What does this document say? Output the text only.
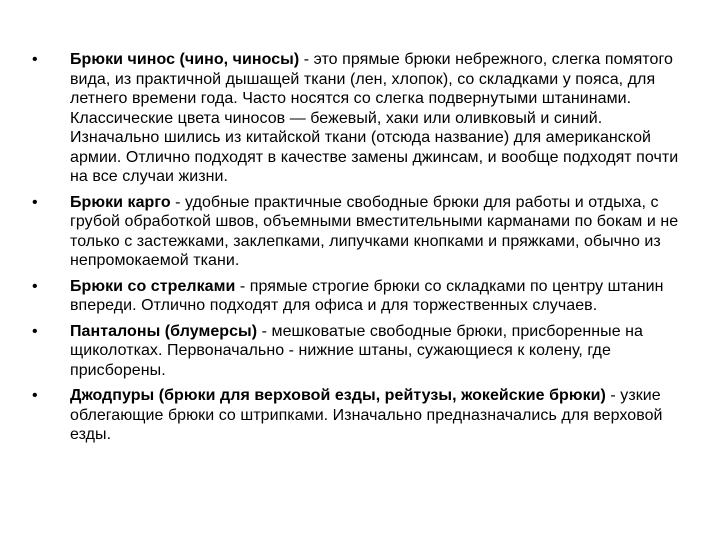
•	Брюки чинос (чино, чиносы) - это прямые брюки небрежного, слегка помятого вида, из практичной дышащей ткани (лен, хлопок), со складками у пояса, для летнего времени года. Часто носятся со слегка подвернутыми штанинами. Классические цвета чиносов — бежевый, хаки или оливковый и синий. Изначально шились из китайской ткани (отсюда название) для американской армии. Отлично подходят в качестве замены джинсам, и вообще подходят почти на все случаи жизни.
•	Брюки карго - удобные практичные свободные брюки для работы и отдыха, с грубой обработкой швов, объемными вместительными карманами по бокам и не только с застежками, заклепками, липучками кнопками и пряжками, обычно из непромокаемой ткани.
•	Брюки со стрелками - прямые строгие брюки со складками по центру штанин впереди. Отлично подходят для офиса и для торжественных случаев.
•	Панталоны (блумерсы) - мешковатые свободные брюки, присборенные на щиколотках. Первоначально - нижние штаны, сужающиеся к колену, где присборены.
•	Джодпуры (брюки для верховой езды, рейтузы, жокейские брюки) - узкие облегающие брюки со штрипками. Изначально предназначались для верховой езды.
